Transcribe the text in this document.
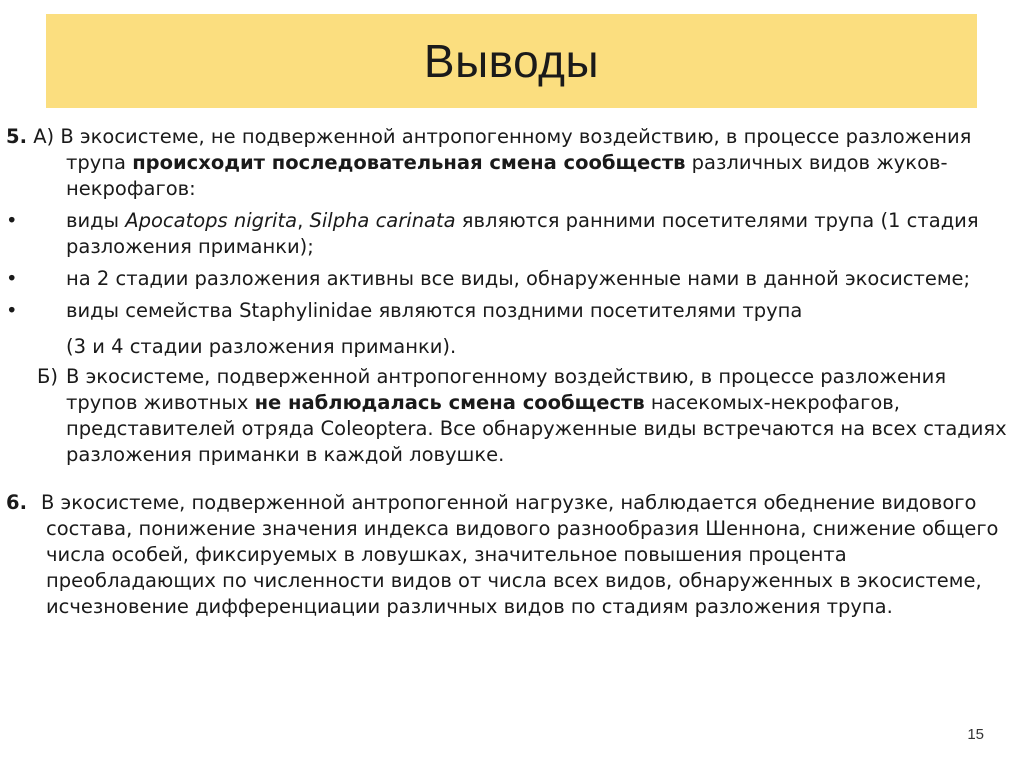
Выводы
5. А) В экосистеме, не подверженной антропогенному воздействию, в процессе разложения трупа происходит последовательная смена сообществ различных видов жуков-некрофагов:
•	виды Apocatops nigrita, Silpha carinata являются ранними посетителями трупа (1 стадия разложения приманки);
•	на 2 стадии разложения активны все виды, обнаруженные нами в данной экосистеме;
•	виды семейства Staphylinidae являются поздними посетителями трупа
(3 и 4 стадии разложения приманки).
Б) В экосистеме, подверженной антропогенному воздействию, в процессе разложения трупов животных не наблюдалась смена сообществ насекомых-некрофагов, представителей отряда Coleoptera. Все обнаруженные виды встречаются на всех стадиях разложения приманки в каждой ловушке.
6. В экосистеме, подверженной антропогенной нагрузке, наблюдается обеднение видового состава, понижение значения индекса видового разнообразия Шеннона, снижение общего числа особей, фиксируемых в ловушках, значительное повышения процента преобладающих по численности видов от числа всех видов, обнаруженных в экосистеме, исчезновение дифференциации различных видов по стадиям разложения трупа.
15
